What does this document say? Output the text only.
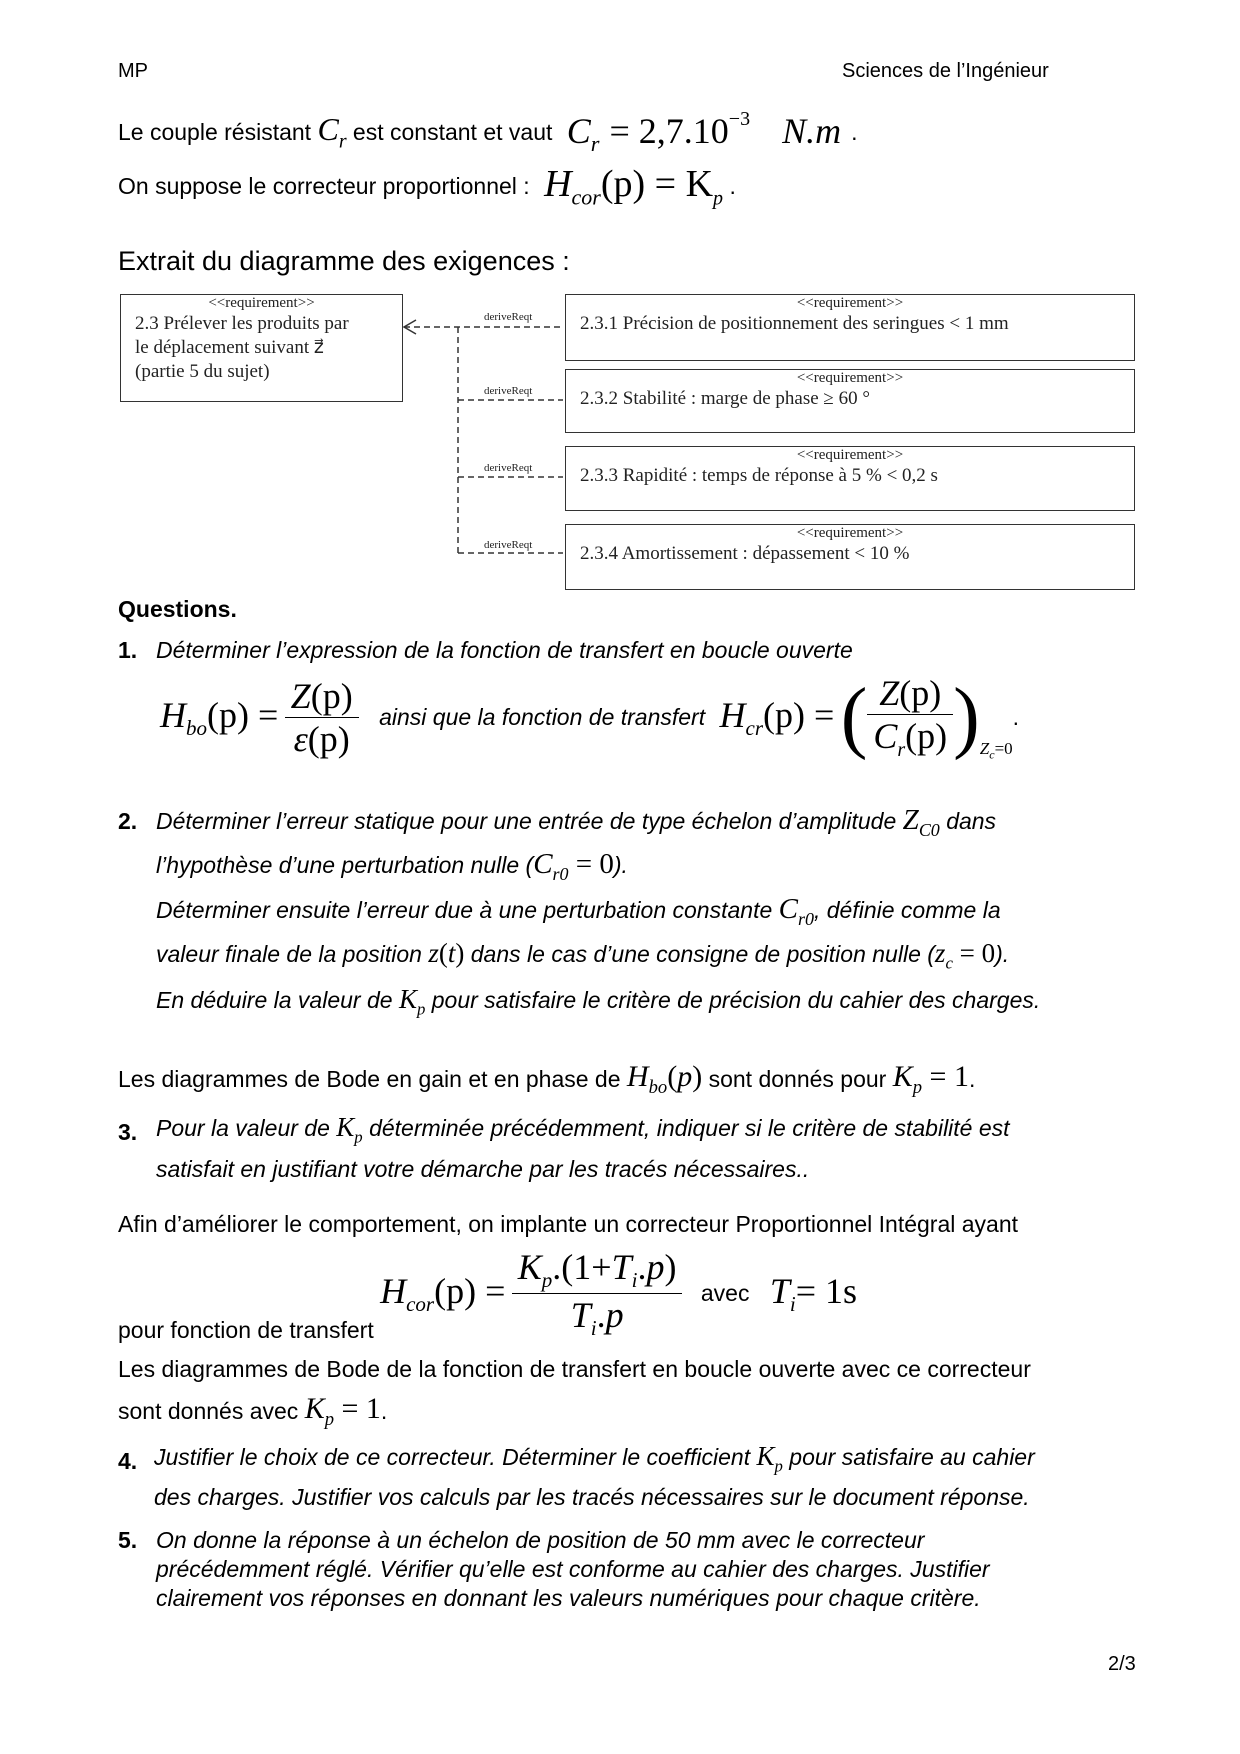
MP	Sciences de l’Ingénieur
Le couple résistant $C_r$ est constant et vaut $C_r = 2,7.10^{-3}$ N.m .
On suppose le correcteur proportionnel : $H_{cor}(p) = K_p$ .
Extrait du diagramme des exigences :
<<requirement>>
2.3 Prélever les produits par
le déplacement suivant z⃗
(partie 5 du sujet)
deriveReqt
deriveReqt
deriveReqt
deriveReqt
<<requirement>>
2.3.1 Précision de positionnement des seringues < 1 mm
<<requirement>>
2.3.2 Stabilité : marge de phase ≥ 60 °
<<requirement>>
2.3.3 Rapidité : temps de réponse à 5 % < 0,2 s
<<requirement>>
2.3.4 Amortissement : dépassement < 10 %
Questions.
1. Déterminer l’expression de la fonction de transfert en boucle ouverte
$H_{bo}(p) = \frac{Z(p)}{\varepsilon(p)}$ ainsi que la fonction de transfert $H_{cr}(p)$ = ( $\frac{Z(p)}{C_r(p)} )_{Z_c=0}$.
2. Déterminer l’erreur statique pour une entrée de type échelon d’amplitude $Z_{C0}$ dans
l’hypothèse d’une perturbation nulle $(C_{r0} = 0)$.
Déterminer ensuite l’erreur due à une perturbation constante $C_{r0}$, définie comme la
valeur finale de la position z(t) dans le cas d’une consigne de position nulle $(z_c = 0)$.
En déduire la valeur de $K_p$ pour satisfaire le critère de précision du cahier des charges.
Les diagrammes de Bode en gain et en phase de $H_{bo}(p)$ sont donnés pour $K_p = 1$.
3. Pour la valeur de $K_p$ déterminée précédemment, indiquer si le critère de stabilité est
satisfait en justifiant votre démarche par les tracés nécessaires..
Afin d’améliorer le comportement, on implante un correcteur Proportionnel Intégral ayant
pour fonction de transfert $H_{cor}(p) = \frac{K_p.(1+T_i.p)}{T_i.p}$ avec $T_i= 1s$
Les diagrammes de Bode de la fonction de transfert en boucle ouverte avec ce correcteur
sont donnés avec $K_p = 1$.
4. Justifier le choix de ce correcteur. Déterminer le coefficient $K_p$ pour satisfaire au cahier
des charges. Justifier vos calculs par les tracés nécessaires sur le document réponse.
5. On donne la réponse à un échelon de position de 50 mm avec le correcteur
précédemment réglé. Vérifier qu’elle est conforme au cahier des charges. Justifier
clairement vos réponses en donnant les valeurs numériques pour chaque critère.
2/3
